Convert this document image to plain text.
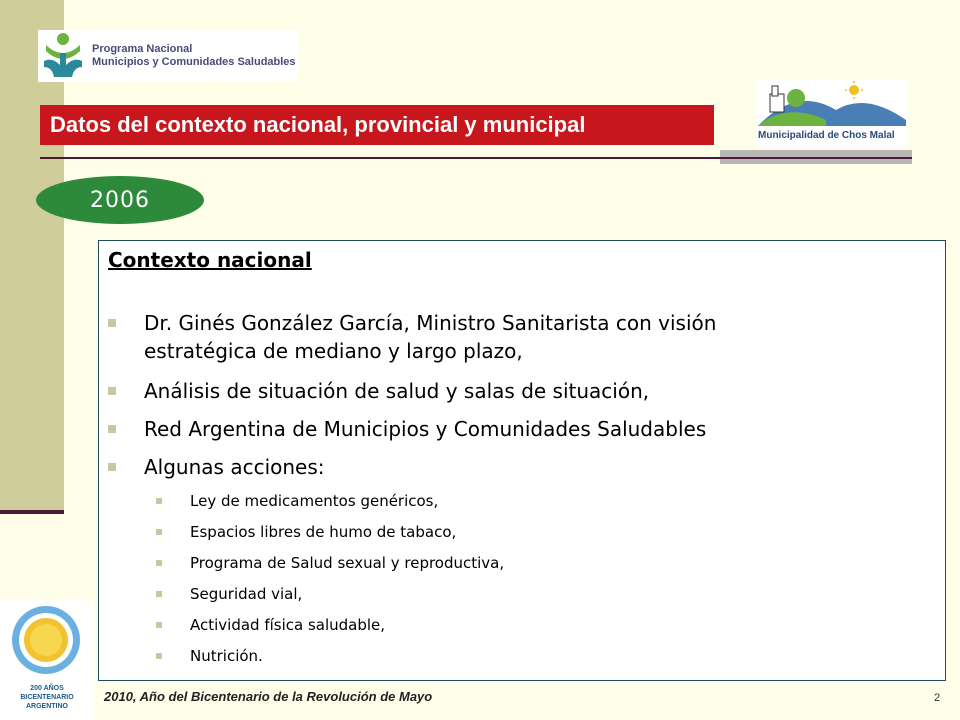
Programa Nacional
Municipios y Comunidades Saludables
Datos del contexto nacional, provincial y municipal	Municipalidad de Chos Malal
2006
Contexto nacional
Dr. Ginés González García, Ministro Sanitarista con visión
estratégica de mediano y largo plazo,
Análisis de situación de salud y salas de situación,
Red Argentina de Municipios y Comunidades Saludables
Algunas acciones:
Ley de medicamentos genéricos,
Espacios libres de humo de tabaco,
Programa de Salud sexual y reproductiva,
Seguridad vial,
Actividad física saludable,
Nutrición.
200 AÑOS
BICENTENARIO
ARGENTINO
2010, Año del Bicentenario de la Revolución de Mayo	2
